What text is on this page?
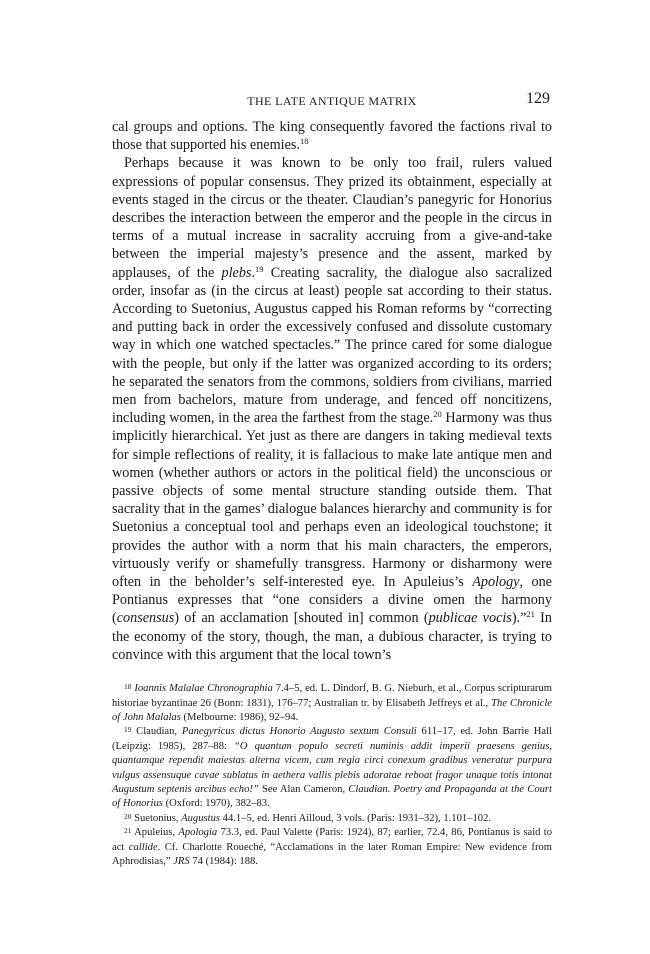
THE LATE ANTIQUE MATRIX	129

cal groups and options. The king consequently favored the factions rival to those that supported his enemies.$^{18}$

Perhaps because it was known to be only too frail, rulers valued expressions of popular consensus. They prized its obtainment, especially at events staged in the circus or the theater. Claudian’s panegyric for Honorius describes the interaction between the emperor and the people in the circus in terms of a mutual increase in sacrality accruing from a give-and-take between the imperial majesty’s presence and the assent, marked by applauses, of the plebs.$^{19}$ Creating sacrality, the dialogue also sacralized order, insofar as (in the circus at least) people sat according to their status. According to Suetonius, Augustus capped his Roman reforms by “correcting and putting back in order the excessively confused and dissolute customary way in which one watched spectacles.” The prince cared for some dialogue with the people, but only if the latter was organized according to its orders; he separated the senators from the commons, soldiers from civilians, married men from bachelors, mature from underage, and fenced off noncitizens, including women, in the area the farthest from the stage.$^{20}$ Harmony was thus implicitly hierarchical. Yet just as there are dangers in taking medieval texts for simple reflections of reality, it is fallacious to make late antique men and women (whether authors or actors in the political field) the unconscious or passive objects of some mental structure standing outside them. That sacrality that in the games’ dialogue balances hierarchy and community is for Suetonius a conceptual tool and perhaps even an ideological touchstone; it provides the author with a norm that his main characters, the emperors, virtuously verify or shamefully transgress. Harmony or disharmony were often in the beholder’s self-interested eye. In Apuleius’s Apology, one Pontianus expresses that “one considers a divine omen the harmony (consensus) of an acclamation [shouted in] common (publicae vocis).”$^{21}$ In the economy of the story, though, the man, a dubious character, is trying to convince with this argument that the local town’s

$^{18}$ Ioannis Malalae Chronographia 7.4–5, ed. L. Dindorf, B. G. Nieburh, et al., Corpus scripturarum historiae byzantinae 26 (Bonn: 1831), 176–77; Australian tr. by Elisabeth Jeffreys et al., The Chronicle of John Malalas (Melbourne: 1986), 92–94.

$^{19}$ Claudian, Panegyricus dictus Honorio Augusto sextum Consuli 611–17, ed. John Barrie Hall (Leipzig: 1985), 287–88: “O quantum populo secreti numinis addit imperii praesens genius, quantamque rependit maiestas alterna vicem, cum regia circi conexum gradibus veneratur purpura vulgus assensuque cavae sublatus in aethera vallis plebis adoratae reboat fragor unaque totis intonat Augustum septenis arcibus echo!” See Alan Cameron, Claudian. Poetry and Propaganda at the Court of Honorius (Oxford: 1970), 382–83.

$^{20}$ Suetonius, Augustus 44.1–5, ed. Henri Ailloud, 3 vols. (Paris: 1931–32), 1.101–102.

$^{21}$ Apuleius, Apologia 73.3, ed. Paul Valette (Paris: 1924), 87; earlier, 72.4, 86, Pontianus is said to act callide. Cf. Charlotte Roueché, “Acclamations in the later Roman Empire: New evidence from Aphrodisias,” JRS 74 (1984): 188.
